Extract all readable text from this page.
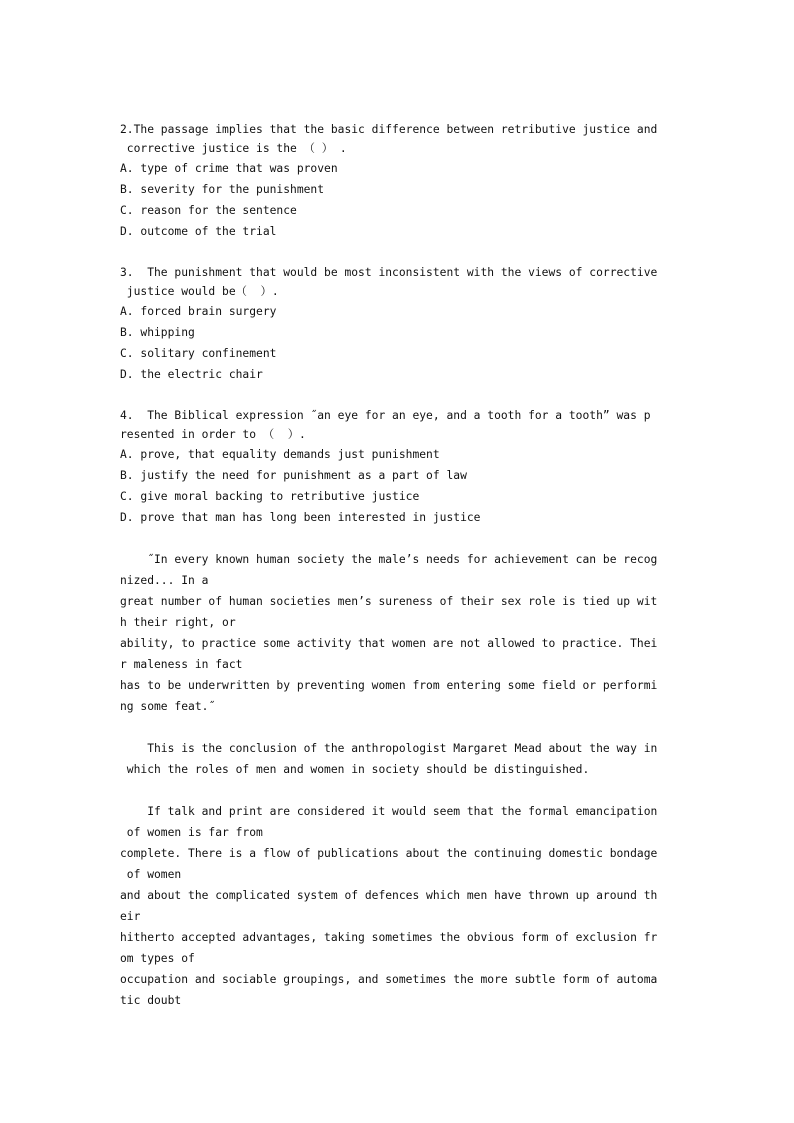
2.The passage implies that the basic difference between retributive justice and
corrective justice is the （ ） .
A. type of crime that was proven
B. severity for the punishment
C. reason for the sentence
D. outcome of the trial
3.  The punishment that would be most inconsistent with the views of corrective
justice would be（  ）.
A. forced brain surgery
B. whipping
C. solitary confinement
D. the electric chair
4.  The Biblical expression ˝an eye for an eye, and a tooth for a tooth” was p
resented in order to （  ）.
A. prove, that equality demands just punishment
B. justify the need for punishment as a part of law
C. give moral backing to retributive justice
D. prove that man has long been interested in justice
˝In every known human society the male’s needs for achievement can be recog
nized... In a
great number of human societies men’s sureness of their sex role is tied up wit
h their right, or
ability, to practice some activity that women are not allowed to practice. Thei
r maleness in fact
has to be underwritten by preventing women from entering some field or performi
ng some feat.˝
This is the conclusion of the anthropologist Margaret Mead about the way in
which the roles of men and women in society should be distinguished.
If talk and print are considered it would seem that the formal emancipation
of women is far from
complete. There is a flow of publications about the continuing domestic bondage
of women
and about the complicated system of defences which men have thrown up around th
eir
hitherto accepted advantages, taking sometimes the obvious form of exclusion fr
om types of
occupation and sociable groupings, and sometimes the more subtle form of automa
tic doubt
